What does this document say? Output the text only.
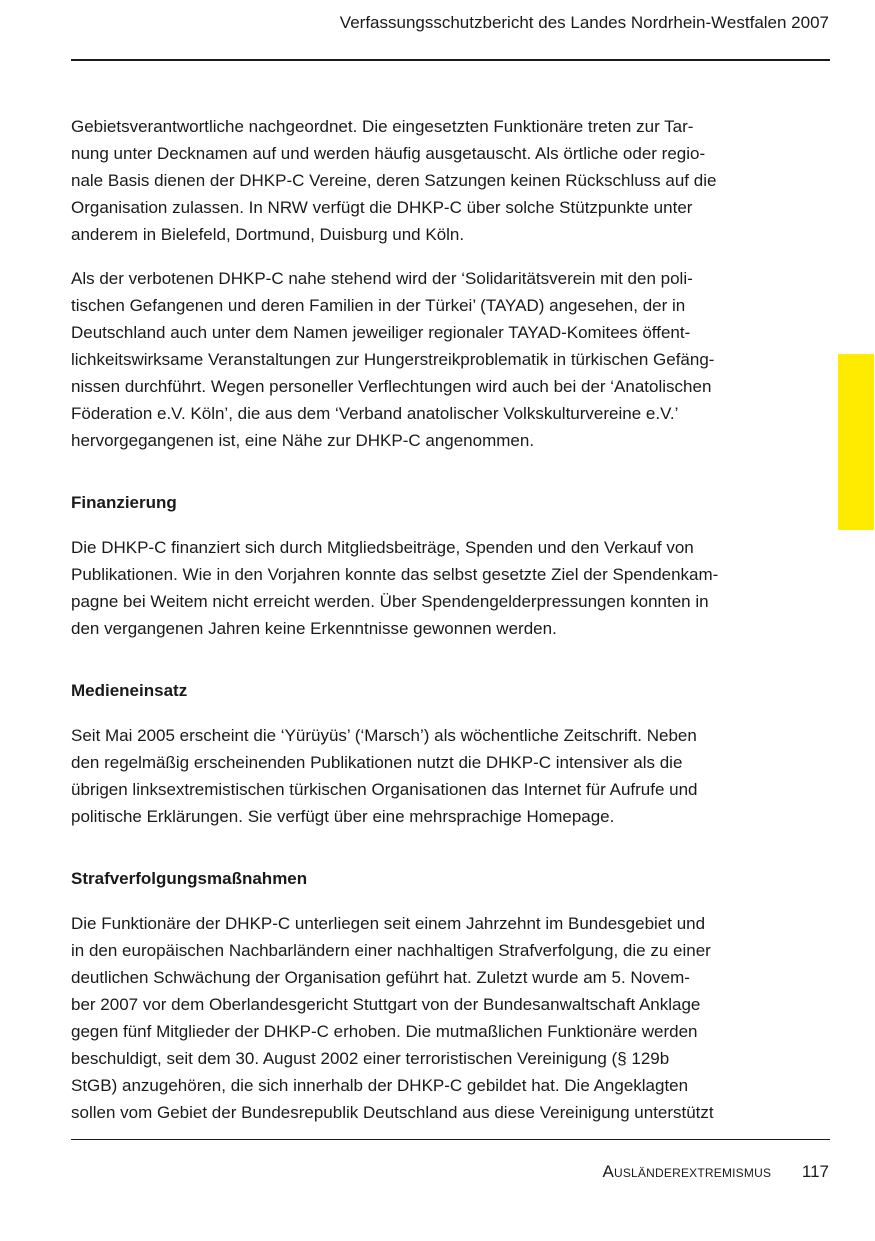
Verfassungsschutzbericht des Landes Nordrhein-Westfalen 2007

Gebietsverantwortliche nachgeordnet. Die eingesetzten Funktionäre treten zur Tar-
nung unter Decknamen auf und werden häufig ausgetauscht. Als örtliche oder regio-
nale Basis dienen der DHKP-C Vereine, deren Satzungen keinen Rückschluss auf die
Organisation zulassen. In NRW verfügt die DHKP-C über solche Stützpunkte unter
anderem in Bielefeld, Dortmund, Duisburg und Köln.

Als der verbotenen DHKP-C nahe stehend wird der ‘Solidaritätsverein mit den poli-
tischen Gefangenen und deren Familien in der Türkei’ (TAYAD) angesehen, der in
Deutschland auch unter dem Namen jeweiliger regionaler TAYAD-Komitees öffent-
lichkeitswirksame Veranstaltungen zur Hungerstreikproblematik in türkischen Gefäng-
nissen durchführt. Wegen personeller Verflechtungen wird auch bei der ‘Anatolischen
Föderation e.V. Köln’, die aus dem ‘Verband anatolischer Volkskulturvereine e.V.’
hervorgegangenen ist, eine Nähe zur DHKP-C angenommen.

Finanzierung

Die DHKP-C finanziert sich durch Mitgliedsbeiträge, Spenden und den Verkauf von
Publikationen. Wie in den Vorjahren konnte das selbst gesetzte Ziel der Spendenkam-
pagne bei Weitem nicht erreicht werden. Über Spendengelderpressungen konnten in
den vergangenen Jahren keine Erkenntnisse gewonnen werden.

Medieneinsatz

Seit Mai 2005 erscheint die ‘Yürüyüs’ (‘Marsch’) als wöchentliche Zeitschrift. Neben
den regelmäßig erscheinenden Publikationen nutzt die DHKP-C intensiver als die
übrigen linksextremistischen türkischen Organisationen das Internet für Aufrufe und
politische Erklärungen. Sie verfügt über eine mehrsprachige Homepage.

Strafverfolgungsmaßnahmen

Die Funktionäre der DHKP-C unterliegen seit einem Jahrzehnt im Bundesgebiet und
in den europäischen Nachbarländern einer nachhaltigen Strafverfolgung, die zu einer
deutlichen Schwächung der Organisation geführt hat. Zuletzt wurde am 5. Novem-
ber 2007 vor dem Oberlandesgericht Stuttgart von der Bundesanwaltschaft Anklage
gegen fünf Mitglieder der DHKP-C erhoben. Die mutmaßlichen Funktionäre werden
beschuldigt, seit dem 30. August 2002 einer terroristischen Vereinigung (§ 129b
StGB) anzugehören, die sich innerhalb der DHKP-C gebildet hat. Die Angeklagten
sollen vom Gebiet der Bundesrepublik Deutschland aus diese Vereinigung unterstützt

Ausländerextremismus 117
